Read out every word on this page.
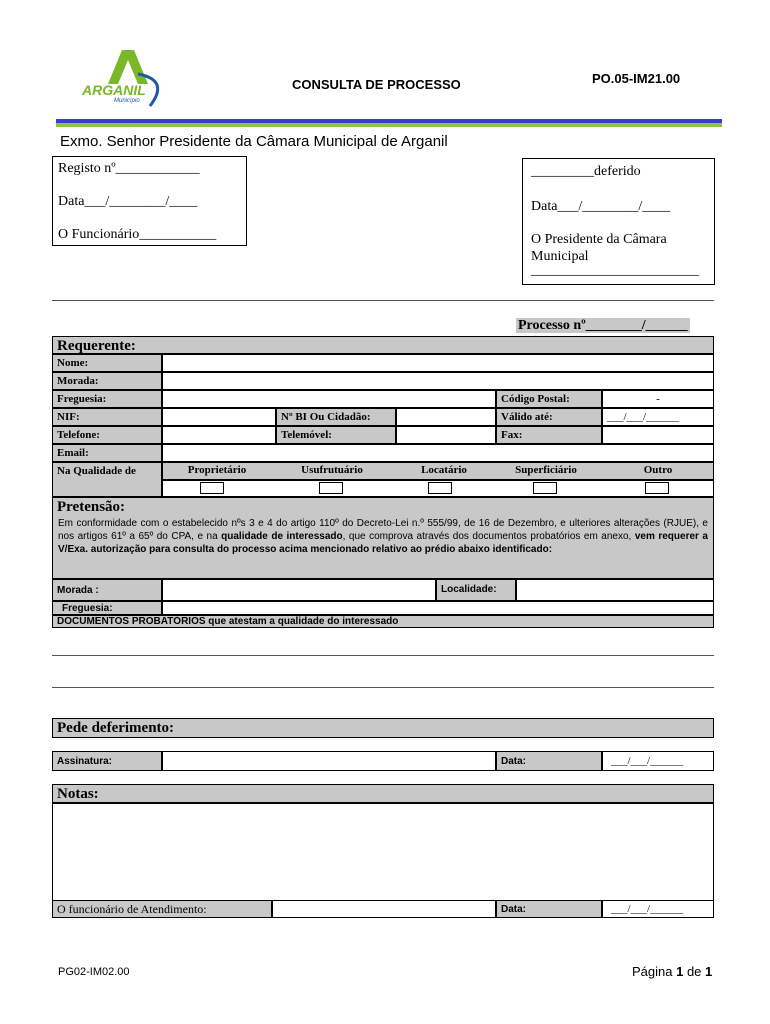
ARGANIL
Município
CONSULTA DE PROCESSO	PO.05-IM21.00
Exmo. Senhor Presidente da Câmara Municipal de Arganil
Registo nº____________
Data___/________/____
O Funcionário___________
_________deferido
Data___/________/____
O Presidente da Câmara Municipal
________________________
Processo nº________/______
Requerente:
Nome:
Morada:
Freguesia:	Código Postal:	-
NIF:	Nº BI Ou Cidadão:	Válido até:	___/___/______
Telefone:	Telemóvel:	Fax:
Email:
Na Qualidade de	Proprietário	Usufrutuário	Locatário	Superficiário	Outro
Pretensão:
Em conformidade com o estabelecido nºs 3 e 4 do artigo 110º do Decreto-Lei n.º 555/99, de 16 de Dezembro, e ulteriores alterações (RJUE), e nos artigos 61º a 65º do CPA, e na qualidade de interessado, que comprova através dos documentos probatórios em anexo, vem requerer a V/Exa. autorização para consulta do processo acima mencionado relativo ao prédio abaixo identificado:
Morada :	Localidade:
Freguesia:
DOCUMENTOS PROBATÓRIOS que atestam a qualidade do interessado
Pede deferimento:
Assinatura:	Data:	___/___/______
Notas:
O funcionário de Atendimento:	Data:	___/___/______
PG02-IM02.00	Página 1 de 1
